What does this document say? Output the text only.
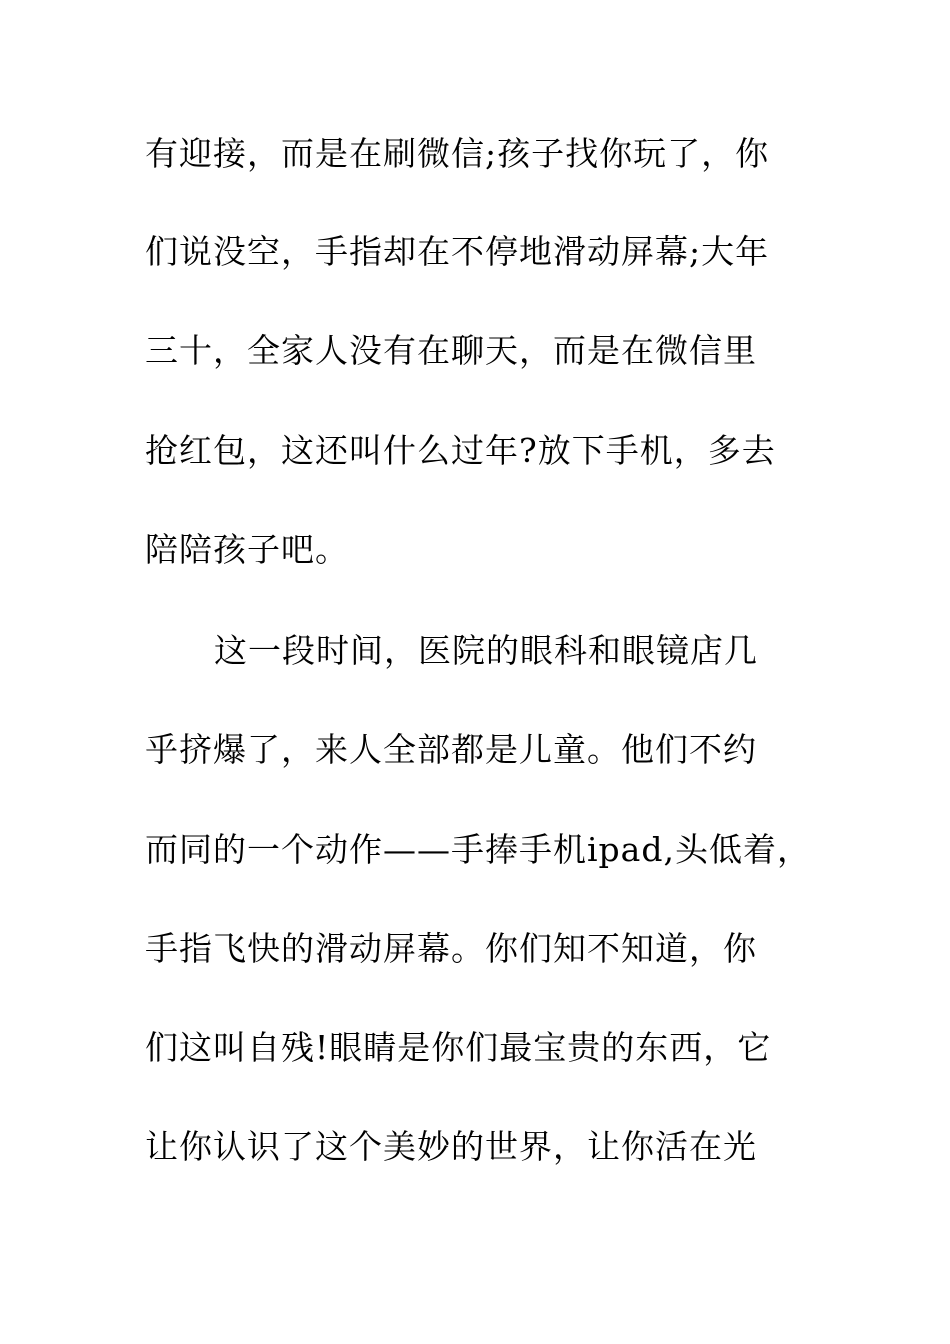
有迎接，而是在刷微信;孩子找你玩了，你
们说没空，手指却在不停地滑动屏幕;大年
三十，全家人没有在聊天，而是在微信里
抢红包，这还叫什么过年?放下手机，多去
陪陪孩子吧。
这一段时间，医院的眼科和眼镜店几
乎挤爆了，来人全部都是儿童。他们不约
而同的一个动作——手捧手机ipad,头低着，
手指飞快的滑动屏幕。你们知不知道，你
们这叫自残!眼睛是你们最宝贵的东西，它
让你认识了这个美妙的世界，让你活在光
